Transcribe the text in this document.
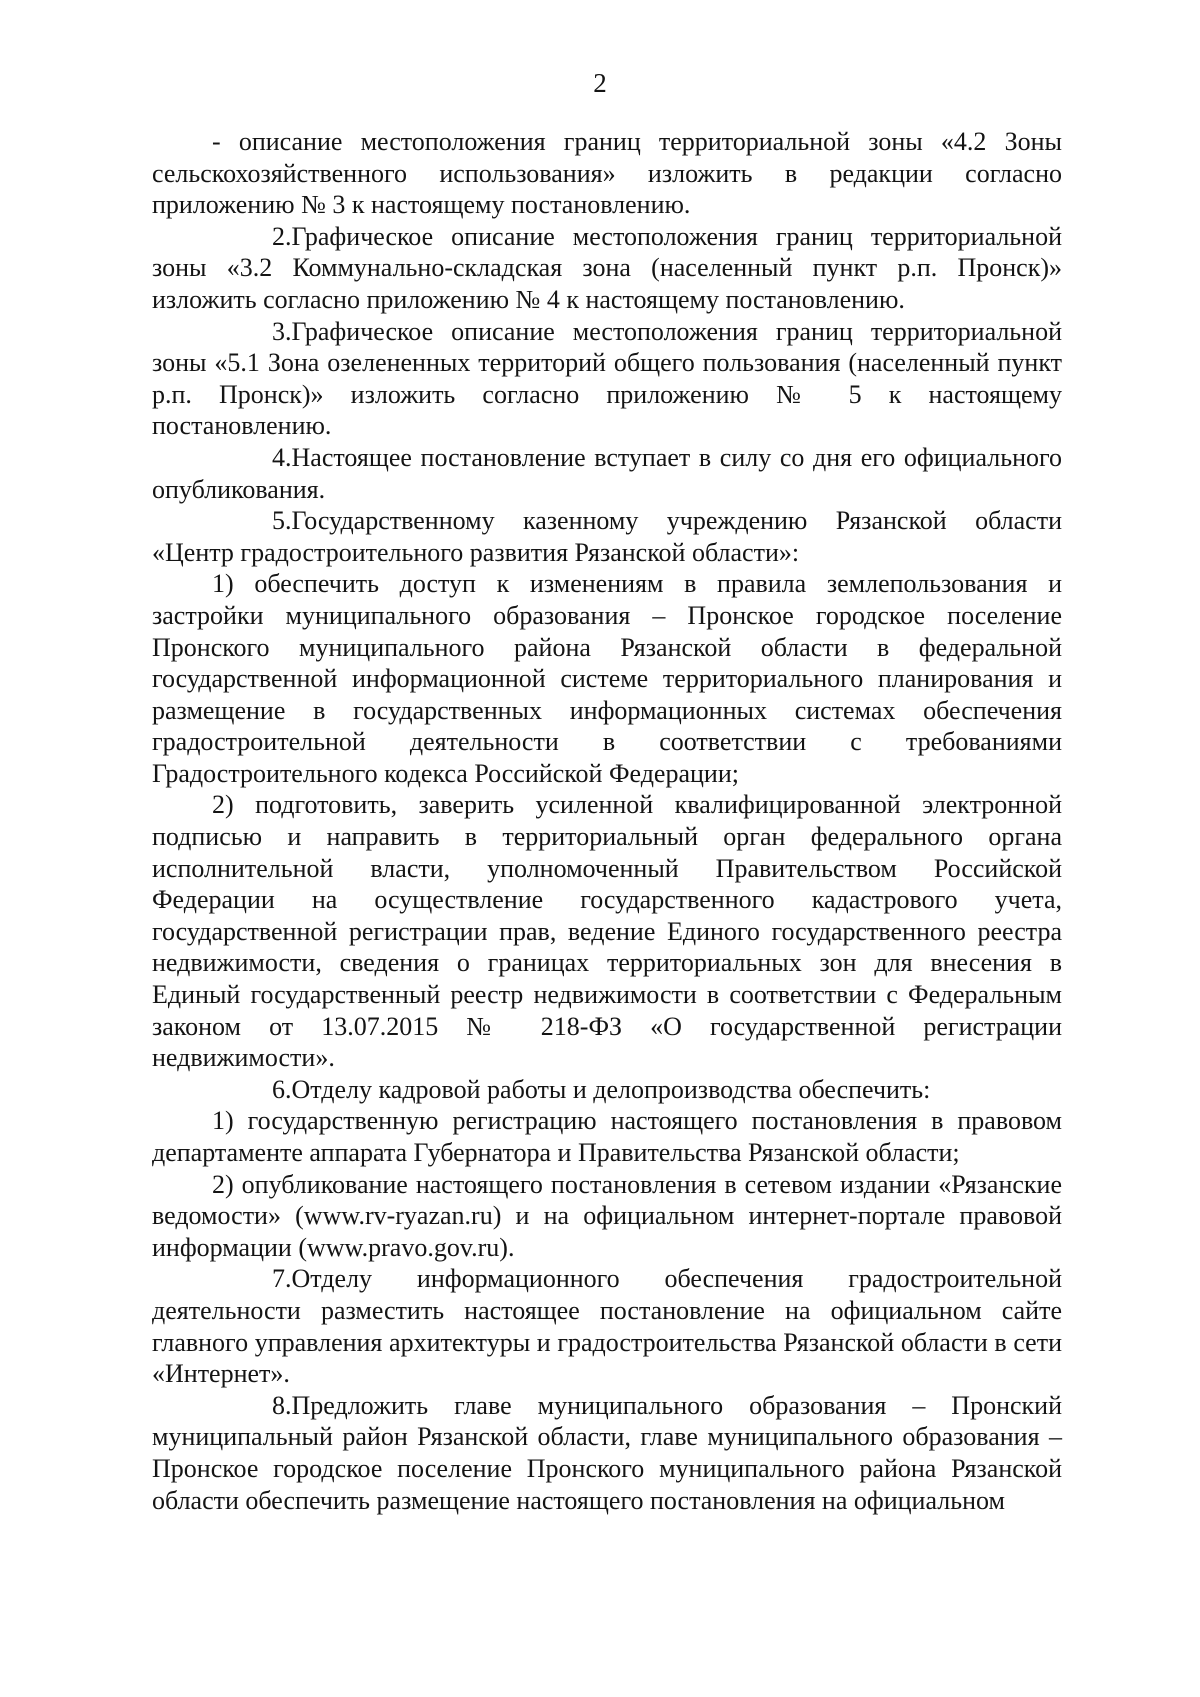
2

- описание местоположения границ территориальной зоны «4.2 Зоны сельскохозяйственного использования» изложить в редакции согласно приложению № 3 к настоящему постановлению.

2.Графическое описание местоположения границ территориальной зоны «3.2 Коммунально-складская зона (населенный пункт р.п. Пронск)» изложить согласно приложению № 4 к настоящему постановлению.

3.Графическое описание местоположения границ территориальной зоны «5.1 Зона озелененных территорий общего пользования (населенный пункт р.п. Пронск)» изложить согласно приложению № 5 к настоящему постановлению.

4.Настоящее постановление вступает в силу со дня его официального опубликования.

5.Государственному казенному учреждению Рязанской области «Центр градостроительного развития Рязанской области»:

1) обеспечить доступ к изменениям в правила землепользования и застройки муниципального образования – Пронское городское поселение Пронского муниципального района Рязанской области в федеральной государственной информационной системе территориального планирования и размещение в государственных информационных системах обеспечения градостроительной деятельности в соответствии с требованиями Градостроительного кодекса Российской Федерации;

2) подготовить, заверить усиленной квалифицированной электронной подписью и направить в территориальный орган федерального органа исполнительной власти, уполномоченный Правительством Российской Федерации на осуществление государственного кадастрового учета, государственной регистрации прав, ведение Единого государственного реестра недвижимости, сведения о границах территориальных зон для внесения в Единый государственный реестр недвижимости в соответствии с Федеральным законом от 13.07.2015 № 218-ФЗ «О государственной регистрации недвижимости».

6.Отделу кадровой работы и делопроизводства обеспечить:

1) государственную регистрацию настоящего постановления в правовом департаменте аппарата Губернатора и Правительства Рязанской области;

2) опубликование настоящего постановления в сетевом издании «Рязанские ведомости» (www.rv-ryazan.ru) и на официальном интернет-портале правовой информации (www.pravo.gov.ru).

7.Отделу информационного обеспечения градостроительной деятельности разместить настоящее постановление на официальном сайте главного управления архитектуры и градостроительства Рязанской области в сети «Интернет».

8.Предложить главе муниципального образования – Пронский муниципальный район Рязанской области, главе муниципального образования – Пронское городское поселение Пронского муниципального района Рязанской области обеспечить размещение настоящего постановления на официальном
